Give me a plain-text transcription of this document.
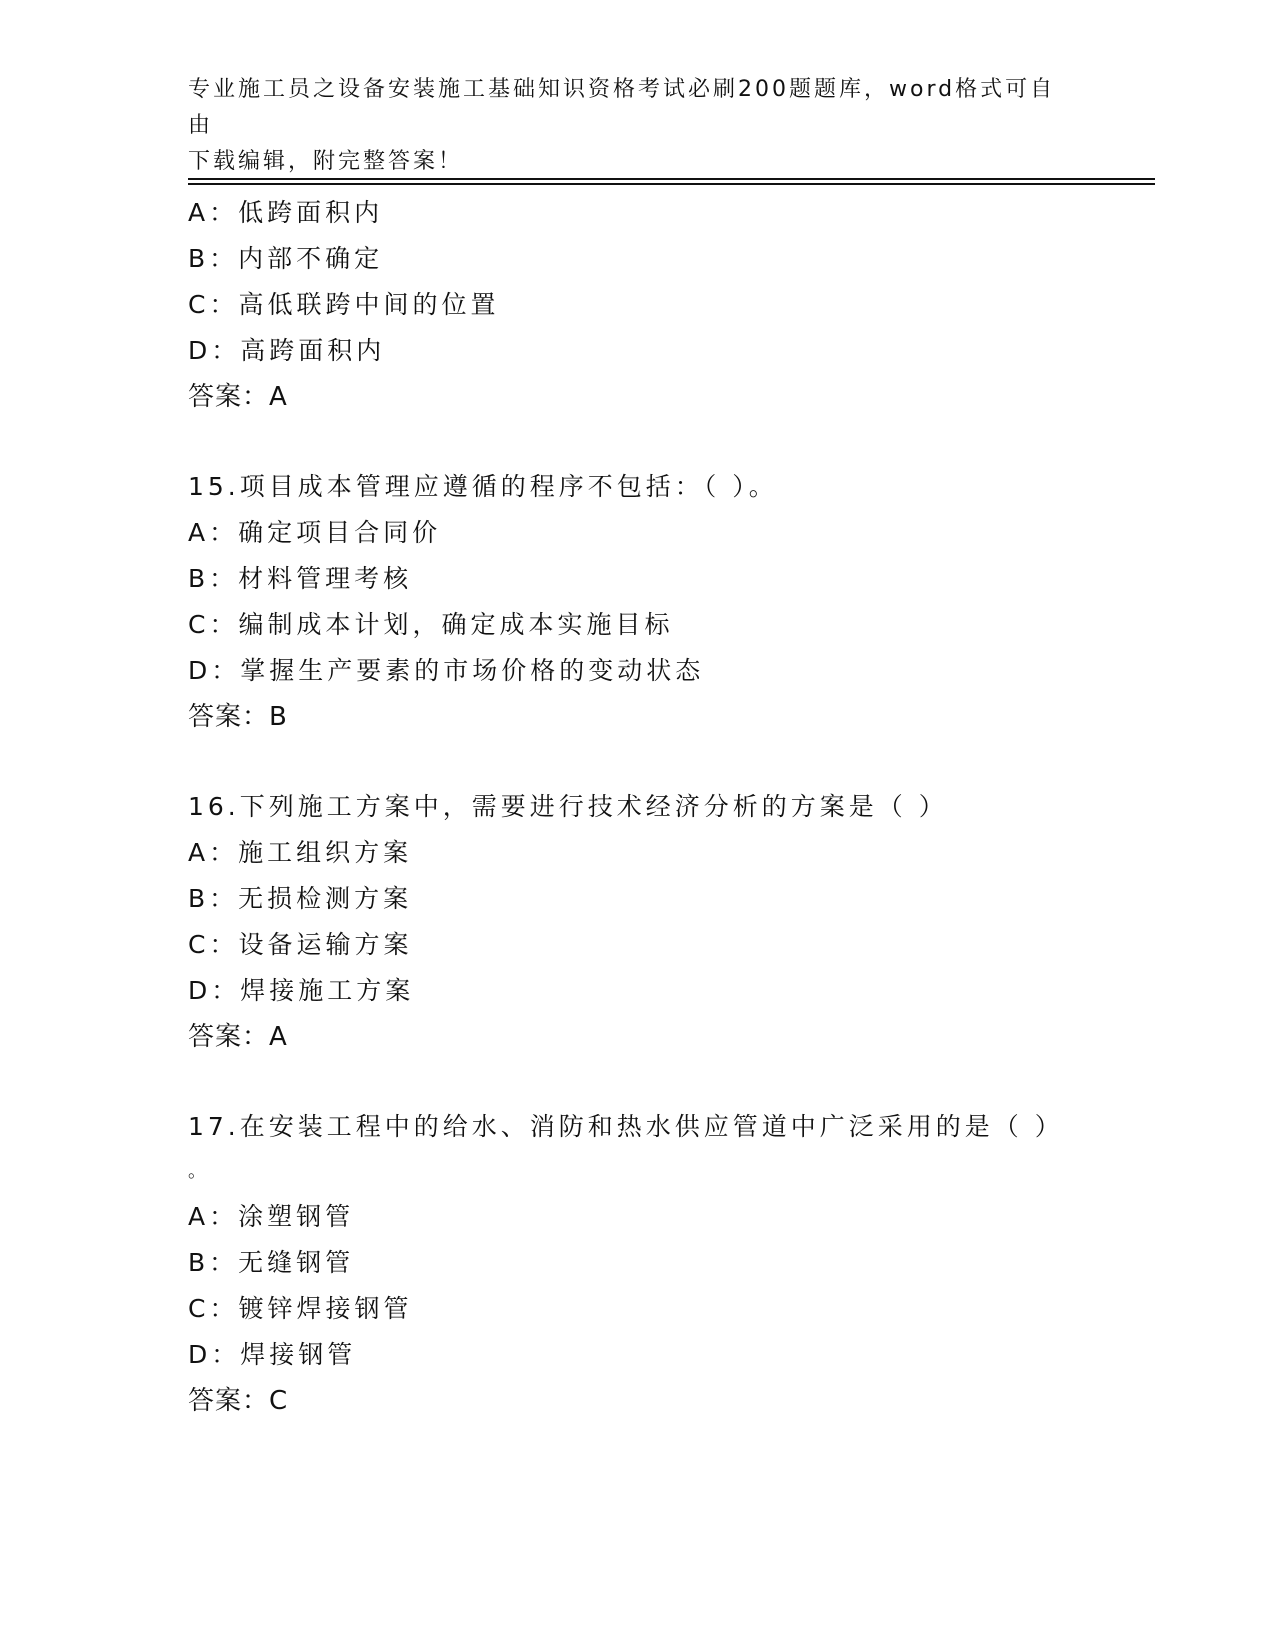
专业施工员之设备安装施工基础知识资格考试必刷200题题库，word格式可自由
下载编辑，附完整答案！
A：低跨面积内
B：内部不确定
C：高低联跨中间的位置
D：高跨面积内
答案：A
15.项目成本管理应遵循的程序不包括：（ ）。
A：确定项目合同价
B：材料管理考核
C：编制成本计划，确定成本实施目标
D：掌握生产要素的市场价格的变动状态
答案：B
16.下列施工方案中，需要进行技术经济分析的方案是（ ）
A：施工组织方案
B：无损检测方案
C：设备运输方案
D：焊接施工方案
答案：A
17.在安装工程中的给水、消防和热水供应管道中广泛采用的是（ ）
。
A：涂塑钢管
B：无缝钢管
C：镀锌焊接钢管
D：焊接钢管
答案：C
